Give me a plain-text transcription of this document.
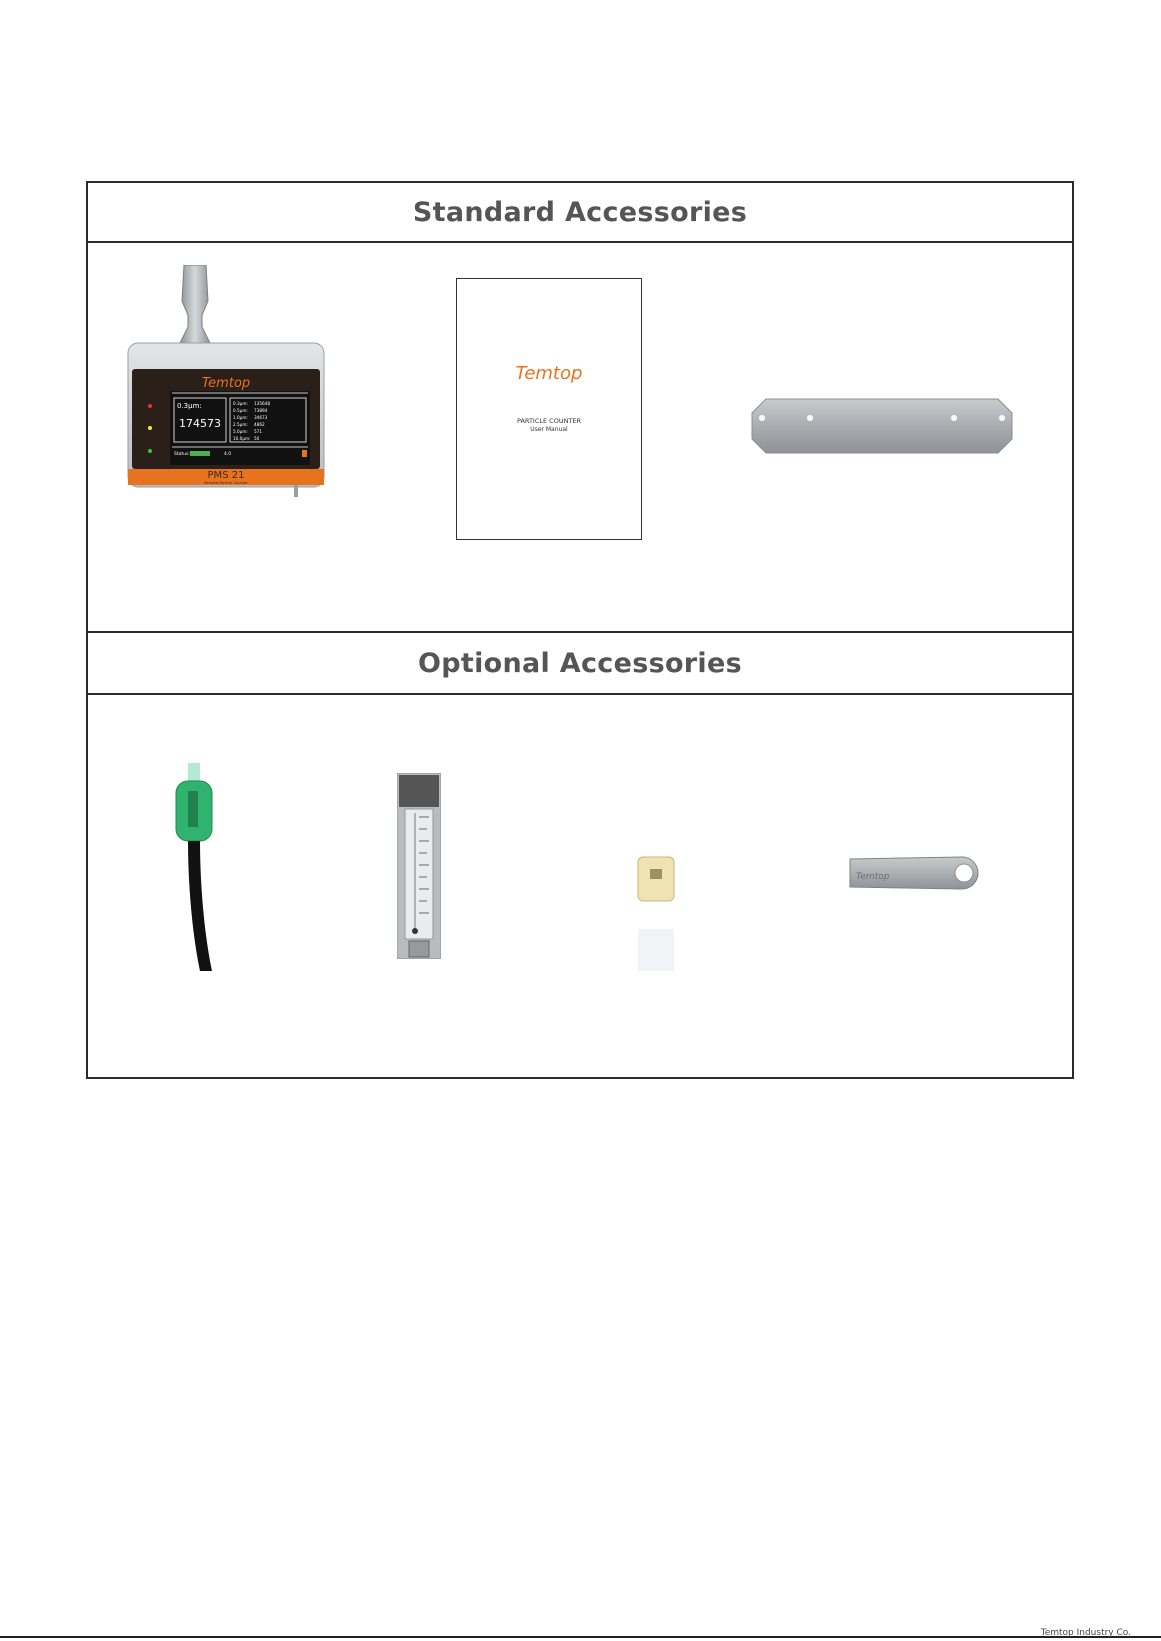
Standard Accessories
Temtop
0.3μm:
174573
0.3μm: 135648
0.5μm: 73894
1.0μm: 34673
2.5μm: 4862
5.0μm: 571
10.0μm: 50
Status:	4.0
PMS 21
Remote Particle Counter
Temtop
PARTICLE COUNTER
User Manual
Optional Accessories
Temtop
Temtop Industry Co.
